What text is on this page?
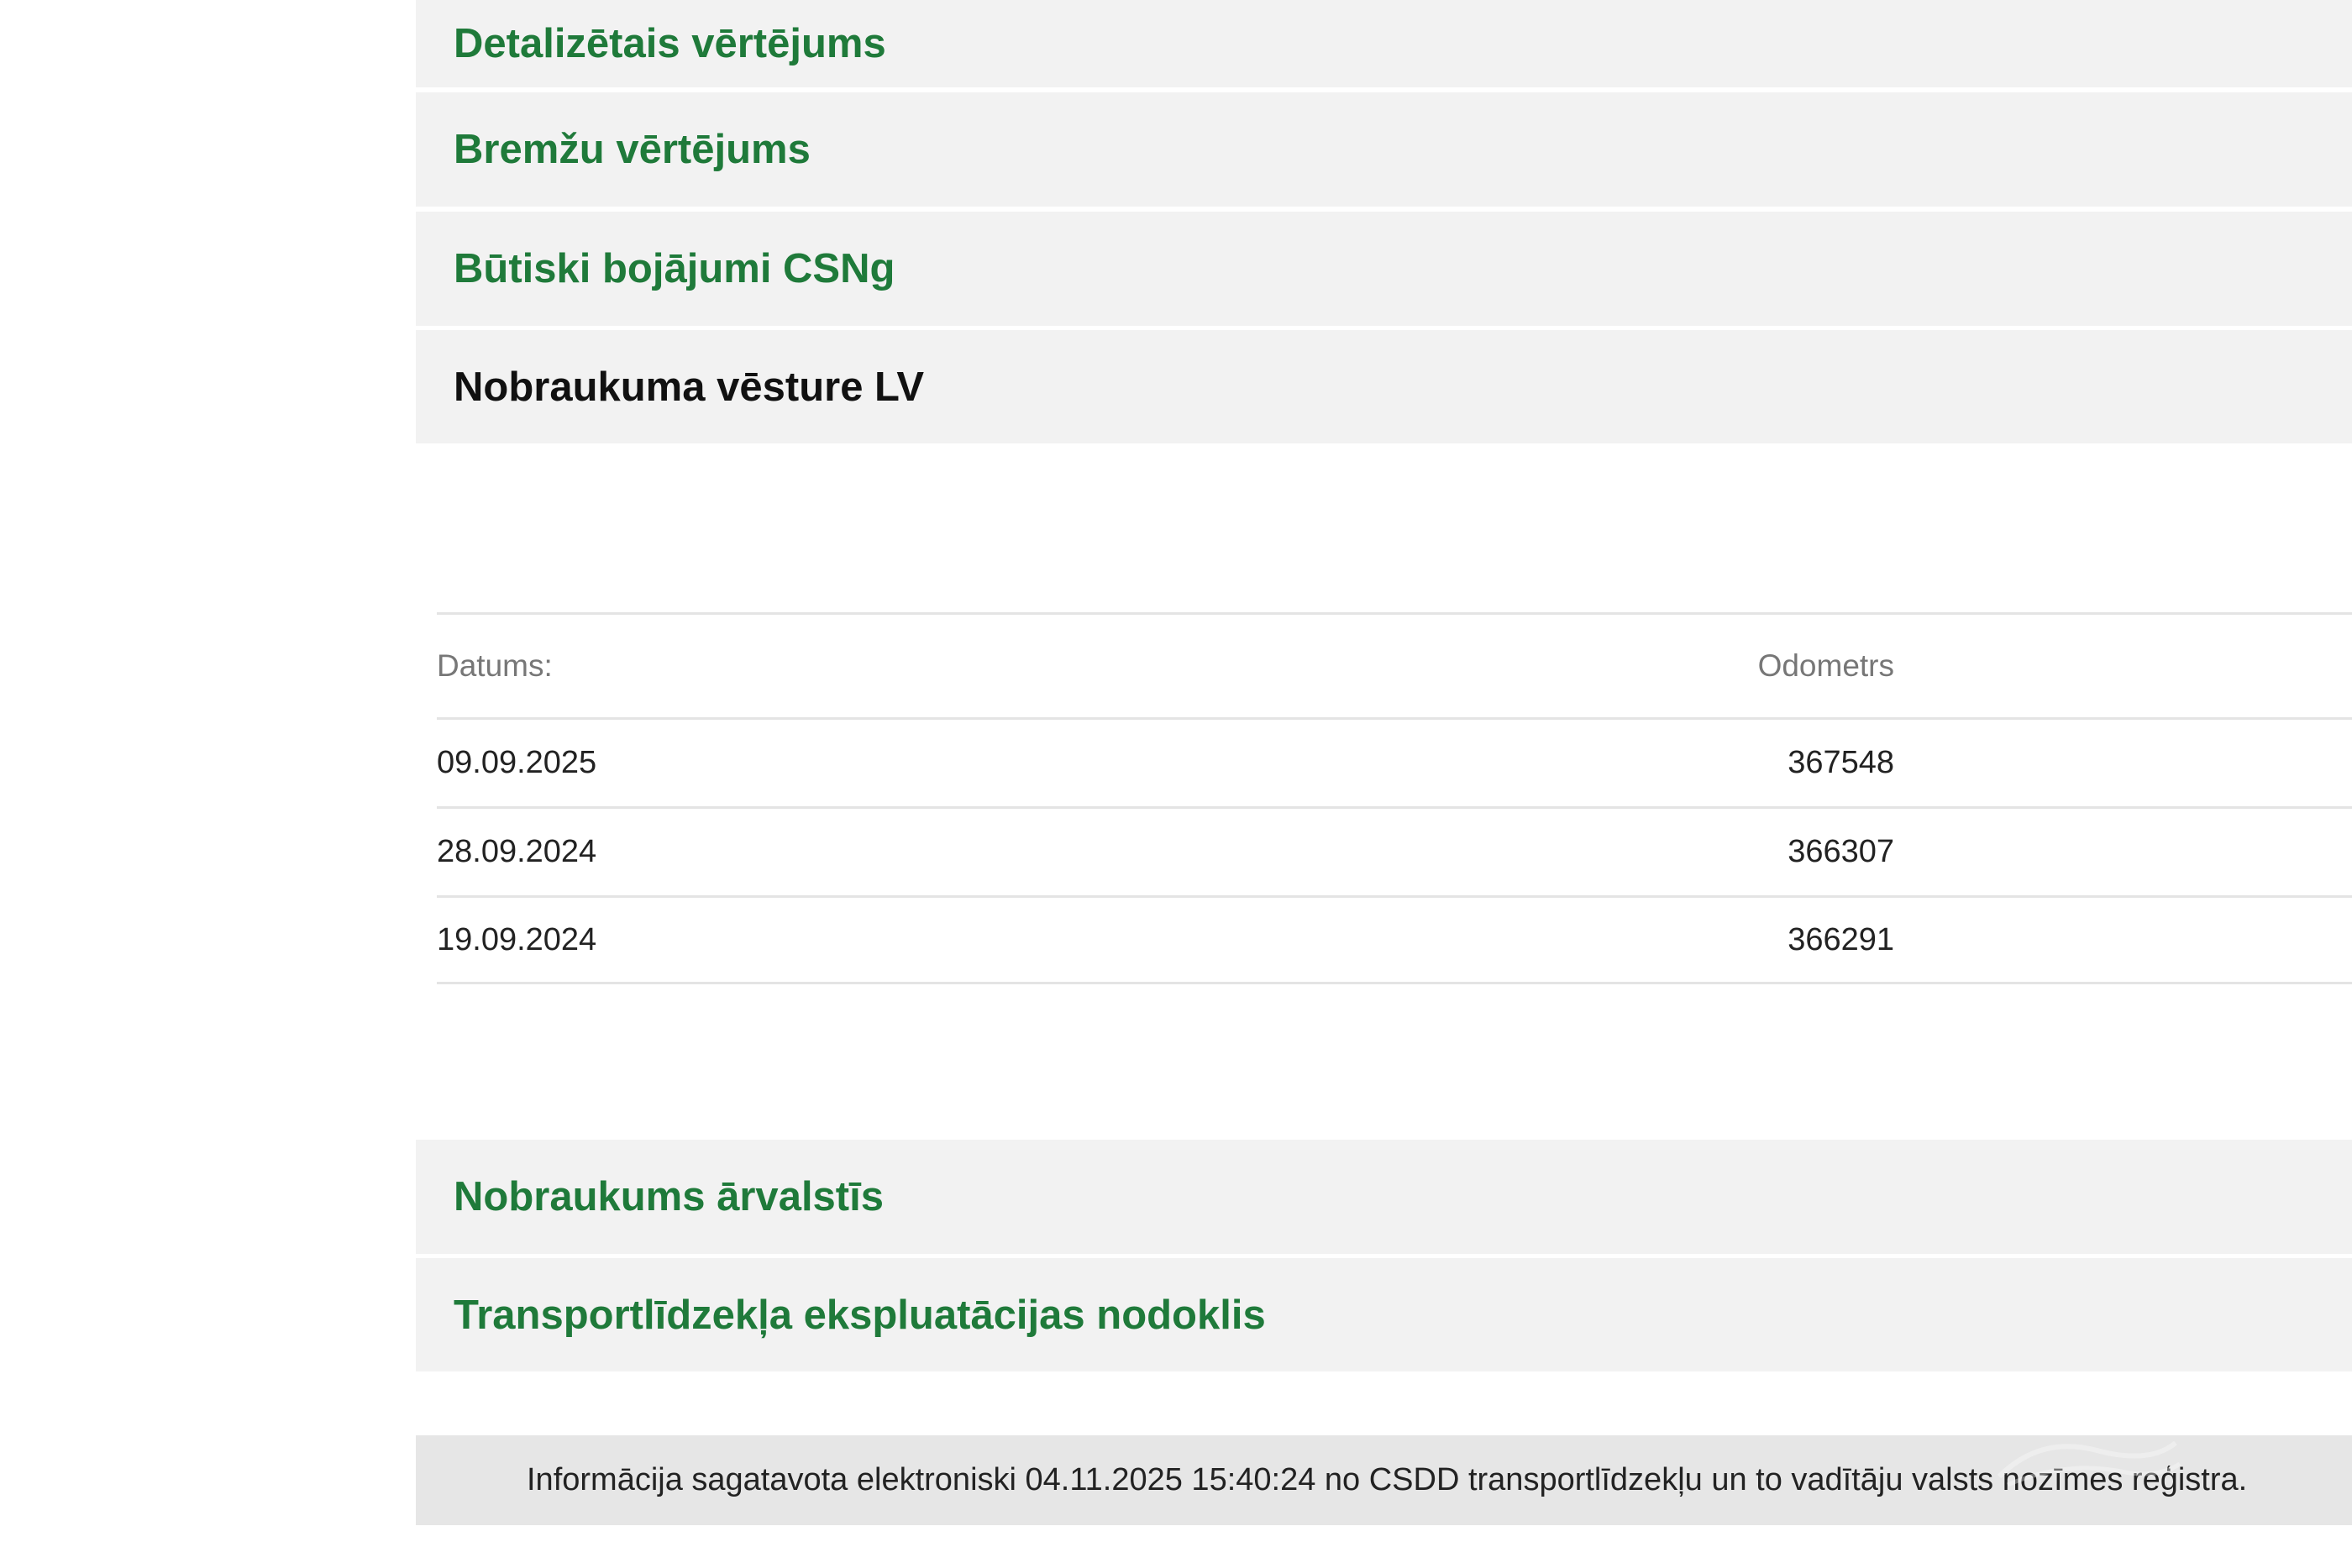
Detalizētais vērtējums
Bremžu vērtējums
Būtiski bojājumi CSNg
Nobraukuma vēsture LV
Datums:	Odometrs
09.09.2025	367548
28.09.2024	366307
19.09.2024	366291
Nobraukums ārvalstīs
Transportlīdzekļa ekspluatācijas nodoklis
Informācija sagatavota elektroniski 04.11.2025 15:40:24 no CSDD transportlīdzekļu un to vadītāju valsts nozīmes reģistra.
